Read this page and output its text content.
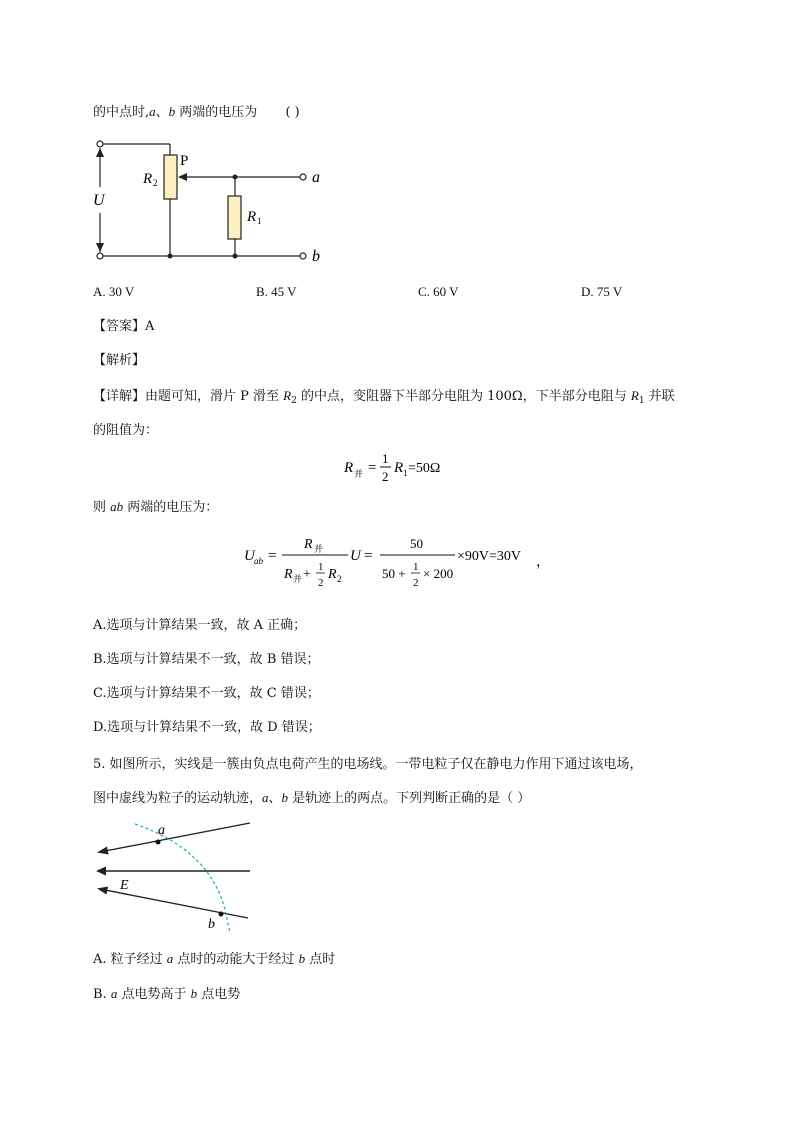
的中点时,a、b 两端的电压为 ( )
U
R 2
P
a
R 1
b
A. 30 V	B. 45 V	C. 60 V	D. 75 V
【答案】A
【解析】
【详解】由题可知，滑片 P 滑至 $R_2$ 的中点，变阻器下半部分电阻为 100Ω，下半部分电阻与 $R_1$ 并联
的阻值为：
R 并 =
1
2
R 1 =50Ω
则 ab 两端的电压为：
U ab =
R 并
R 并 + 1
2
R 2
U =
50
50 + 1
2
× 200
×90V=30V ，
A.选项与计算结果一致，故 A 正确；
B.选项与计算结果不一致，故 B 错误；
C.选项与计算结果不一致，故 C 错误；
D.选项与计算结果不一致，故 D 错误；
5. 如图所示，实线是一簇由负点电荷产生的电场线。一带电粒子仅在静电力作用下通过该电场，
图中虚线为粒子的运动轨迹，a、b 是轨迹上的两点。下列判断正确的是（ ）
a
b
E
A. 粒子经过 a 点时的动能大于经过 b 点时
B. a 点电势高于 b 点电势
